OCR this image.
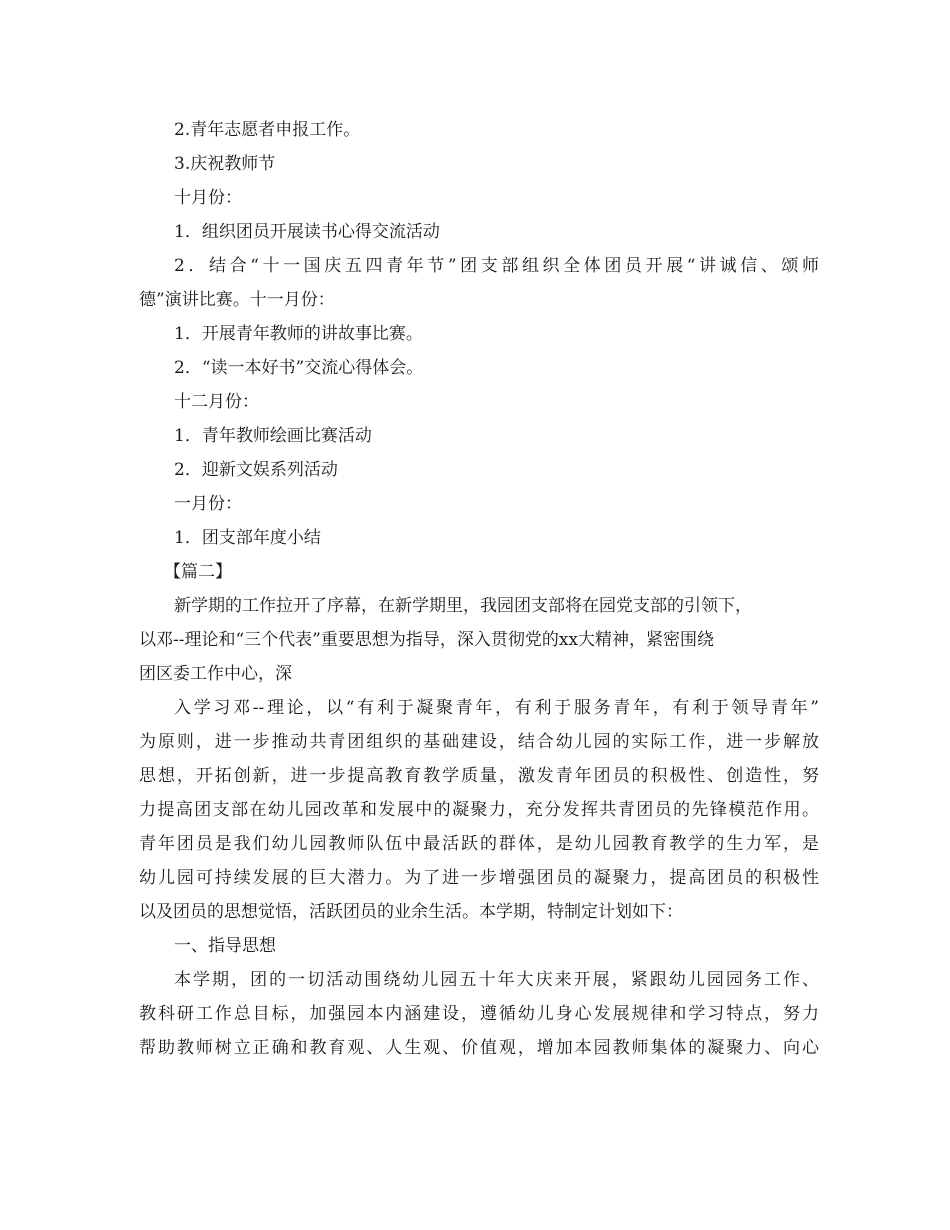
2.青年志愿者申报工作。

3.庆祝教师节

十月份：

1．组织团员开展读书心得交流活动

2．结合“十一国庆五四青年节”团支部组织全体团员开展“讲诚信、颂师

德”演讲比赛。十一月份：

1．开展青年教师的讲故事比赛。

2．“读一本好书”交流心得体会。

十二月份：

1．青年教师绘画比赛活动

2．迎新文娱系列活动

一月份：

1．团支部年度小结

【篇二】

新学期的工作拉开了序幕，在新学期里，我园团支部将在园党支部的引领下，

以邓--理论和“三个代表”重要思想为指导，深入贯彻党的xx大精神，紧密围绕

团区委工作中心，深

入学习邓--理论，以“有利于凝聚青年，有利于服务青年，有利于领导青年”

为原则，进一步推动共青团组织的基础建设，结合幼儿园的实际工作，进一步解放

思想，开拓创新，进一步提高教育教学质量，激发青年团员的积极性、创造性，努

力提高团支部在幼儿园改革和发展中的凝聚力，充分发挥共青团员的先锋模范作用。

青年团员是我们幼儿园教师队伍中最活跃的群体，是幼儿园教育教学的生力军，是

幼儿园可持续发展的巨大潜力。为了进一步增强团员的凝聚力，提高团员的积极性

以及团员的思想觉悟，活跃团员的业余生活。本学期，特制定计划如下：

一、指导思想

本学期，团的一切活动围绕幼儿园五十年大庆来开展，紧跟幼儿园园务工作、

教科研工作总目标，加强园本内涵建设，遵循幼儿身心发展规律和学习特点，努力

帮助教师树立正确和教育观、人生观、价值观，增加本园教师集体的凝聚力、向心
